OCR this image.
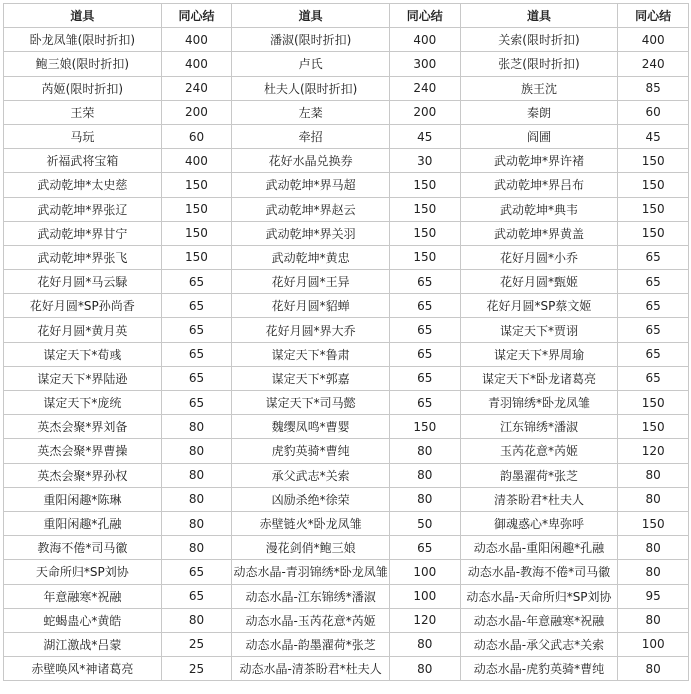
道具	同心结	道具	同心结	道具	同心结
卧龙凤雏(限时折扣)	400	潘淑(限时折扣)	400	关索(限时折扣)	400
鲍三娘(限时折扣)	400	卢氏	300	张芝(限时折扣)	240
芮姬(限时折扣)	240	杜夫人(限时折扣)	240	族王沈	85
王荣	200	左棻	200	秦朗	60
马玩	60	牵招	45	阎圃	45
祈福武将宝箱	400	花好水晶兑换券	30	武动乾坤*界许褚	150
武动乾坤*太史慈	150	武动乾坤*界马超	150	武动乾坤*界吕布	150
武动乾坤*界张辽	150	武动乾坤*界赵云	150	武动乾坤*典韦	150
武动乾坤*界甘宁	150	武动乾坤*界关羽	150	武动乾坤*界黄盖	150
武动乾坤*界张飞	150	武动乾坤*黄忠	150	花好月圆*小乔	65
花好月圆*马云騄	65	花好月圆*王异	65	花好月圆*甄姬	65
花好月圆*SP孙尚香	65	花好月圆*貂蝉	65	花好月圆*SP蔡文姬	65
花好月圆*黄月英	65	花好月圆*界大乔	65	谋定天下*贾诩	65
谋定天下*荀彧	65	谋定天下*鲁肃	65	谋定天下*界周瑜	65
谋定天下*界陆逊	65	谋定天下*郭嘉	65	谋定天下*卧龙诸葛亮	65
谋定天下*庞统	65	谋定天下*司马懿	65	青羽锦绣*卧龙凤雏	150
英杰会聚*界刘备	80	魏缨凤鸣*曹婴	150	江东锦绣*潘淑	150
英杰会聚*界曹操	80	虎豹英骑*曹纯	80	玉芮花意*芮姬	120
英杰会聚*界孙权	80	承父武志*关索	80	韵墨濯荷*张芝	80
重阳闲趣*陈琳	80	凶励杀绝*徐荣	80	清茶盼君*杜夫人	80
重阳闲趣*孔融	80	赤壁链火*卧龙凤雏	50	御魂惑心*卑弥呼	150
教海不倦*司马徽	80	漫花剑俏*鲍三娘	65	动态水晶-重阳闲趣*孔融	80
天命所归*SP刘协	65	动态水晶-青羽锦绣*卧龙凤雏	100	动态水晶-教海不倦*司马徽	80
年意融寒*祝融	65	动态水晶-江东锦绣*潘淑	100	动态水晶-天命所归*SP刘协	95
蛇蝎蛊心*黄皓	80	动态水晶-玉芮花意*芮姬	120	动态水晶-年意融寒*祝融	80
湖江激战*吕蒙	25	动态水晶-韵墨濯荷*张芝	80	动态水晶-承父武志*关索	100
赤壁唤风*神诸葛亮	25	动态水晶-清茶盼君*杜夫人	80	动态水晶-虎豹英骑*曹纯	80
